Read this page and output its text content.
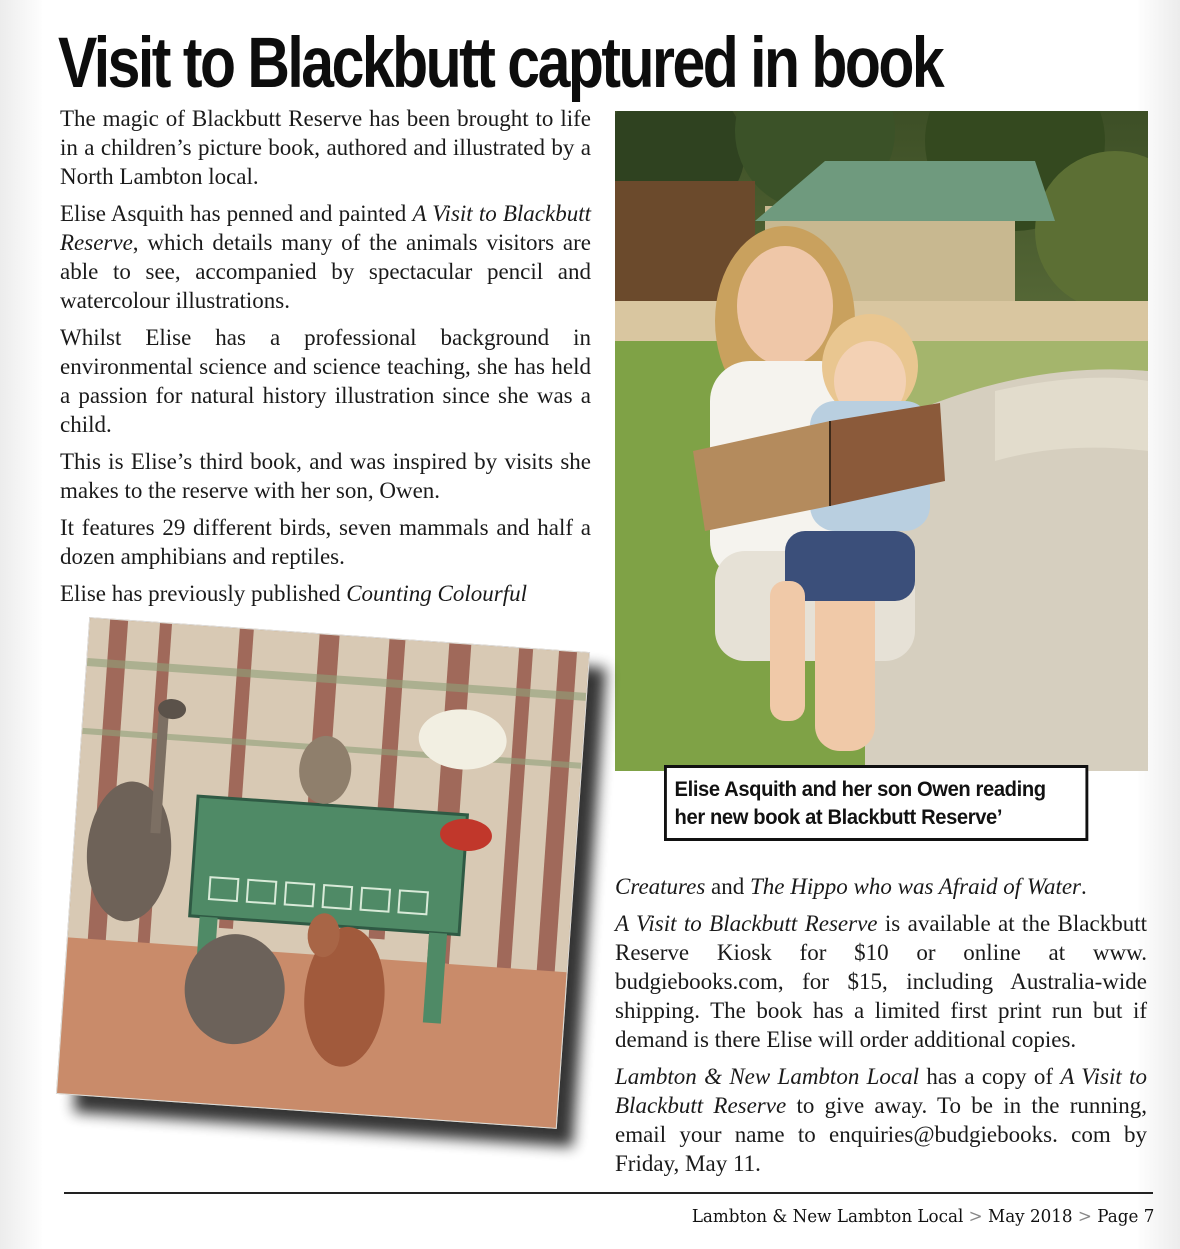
Visit to Blackbutt captured in book

The magic of Blackbutt Reserve has been brought to life in a children’s picture book, authored and illustrated by a North Lambton local.

Elise Asquith has penned and painted A Visit to Blackbutt Reserve, which details many of the animals visitors are able to see, accompanied by spectacular pencil and watercolour illustrations.

Whilst Elise has a professional background in environmental science and science teaching, she has held a passion for natural history illustration since she was a child.

This is Elise’s third book, and was inspired by visits she makes to the reserve with her son, Owen.

It features 29 different birds, seven mammals and half a dozen amphibians and reptiles.

Elise has previously published Counting Colourful

Elise Asquith and her son Owen reading her new book at Blackbutt Reserve’

Creatures and The Hippo who was Afraid of Water.

A Visit to Blackbutt Reserve is available at the Blackbutt Reserve Kiosk for $10 or online at www. budgiebooks.com, for $15, including Australia-wide shipping. The book has a limited first print run but if demand is there Elise will order additional copies.

Lambton & New Lambton Local has a copy of A Visit to Blackbutt Reserve to give away. To be in the running, email your name to enquiries@budgiebooks. com by Friday, May 11.

Lambton & New Lambton Local > May 2018 > Page 7
